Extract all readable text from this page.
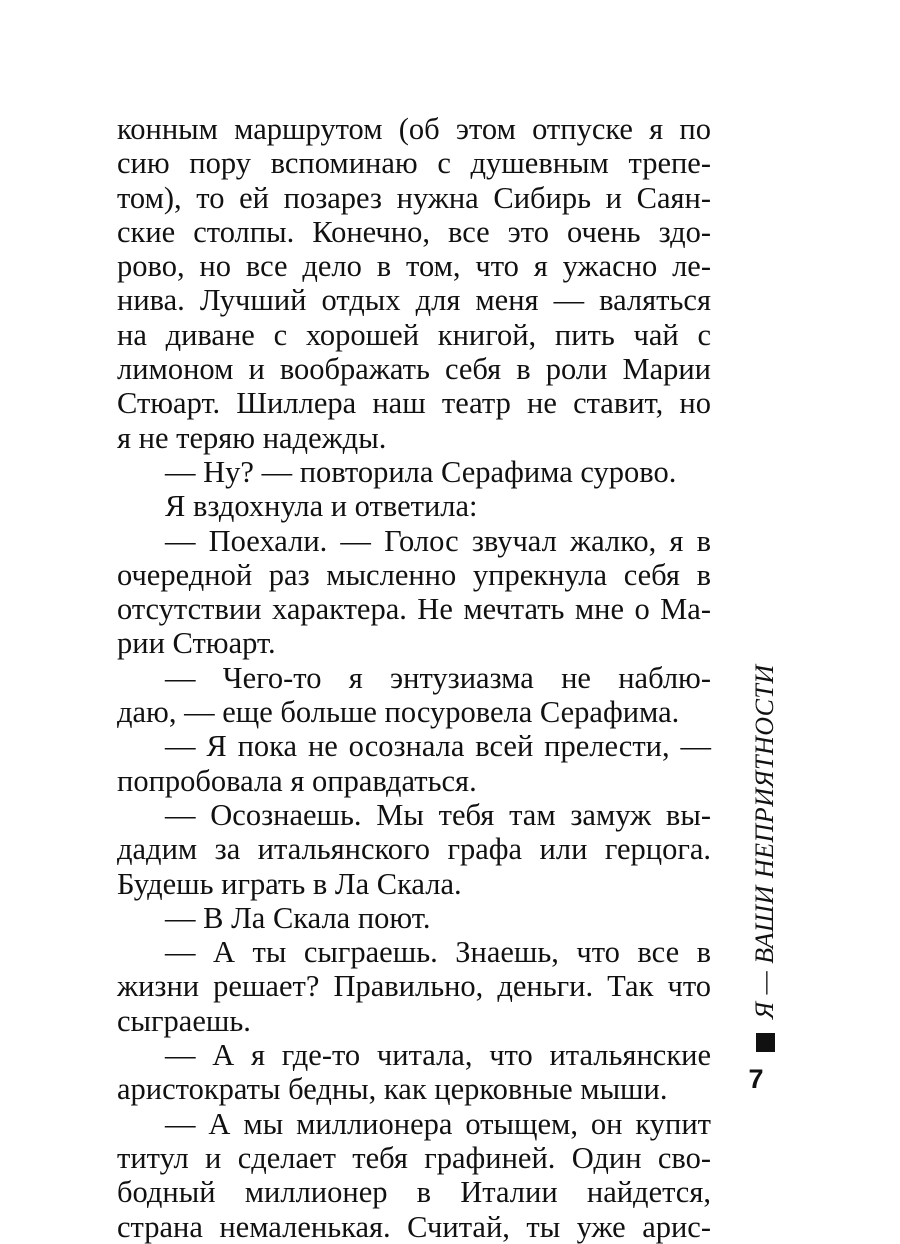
конным маршрутом (об этом отпуске я по
сию пору вспоминаю с душевным трепе-
том), то ей позарез нужна Сибирь и Саян-
ские столпы. Конечно, все это очень здо-
рово, но все дело в том, что я ужасно ле-
нива. Лучший отдых для меня — валяться
на диване с хорошей книгой, пить чай с
лимоном и воображать себя в роли Марии
Стюарт. Шиллера наш театр не ставит, но
я не теряю надежды.
— Ну? — повторила Серафима сурово.
Я вздохнула и ответила:
— Поехали. — Голос звучал жалко, я в
очередной раз мысленно упрекнула себя в
отсутствии характера. Не мечтать мне о Ма-
рии Стюарт.
— Чего-то я энтузиазма не наблю-
даю, — еще больше посуровела Серафима.
— Я пока не осознала всей прелести, —
попробовала я оправдаться.
— Осознаешь. Мы тебя там замуж вы-
дадим за итальянского графа или герцога.
Будешь играть в Ла Скала.
— В Ла Скала поют.
— А ты сыграешь. Знаешь, что все в
жизни решает? Правильно, деньги. Так что
сыграешь.
— А я где-то читала, что итальянские
аристократы бедны, как церковные мыши.
— А мы миллионера отыщем, он купит
титул и сделает тебя графиней. Один сво-
бодный миллионер в Италии найдется,
страна немаленькая. Считай, ты уже арис-
Я — ВАШИ НЕПРИЯТНОСТИ
7
